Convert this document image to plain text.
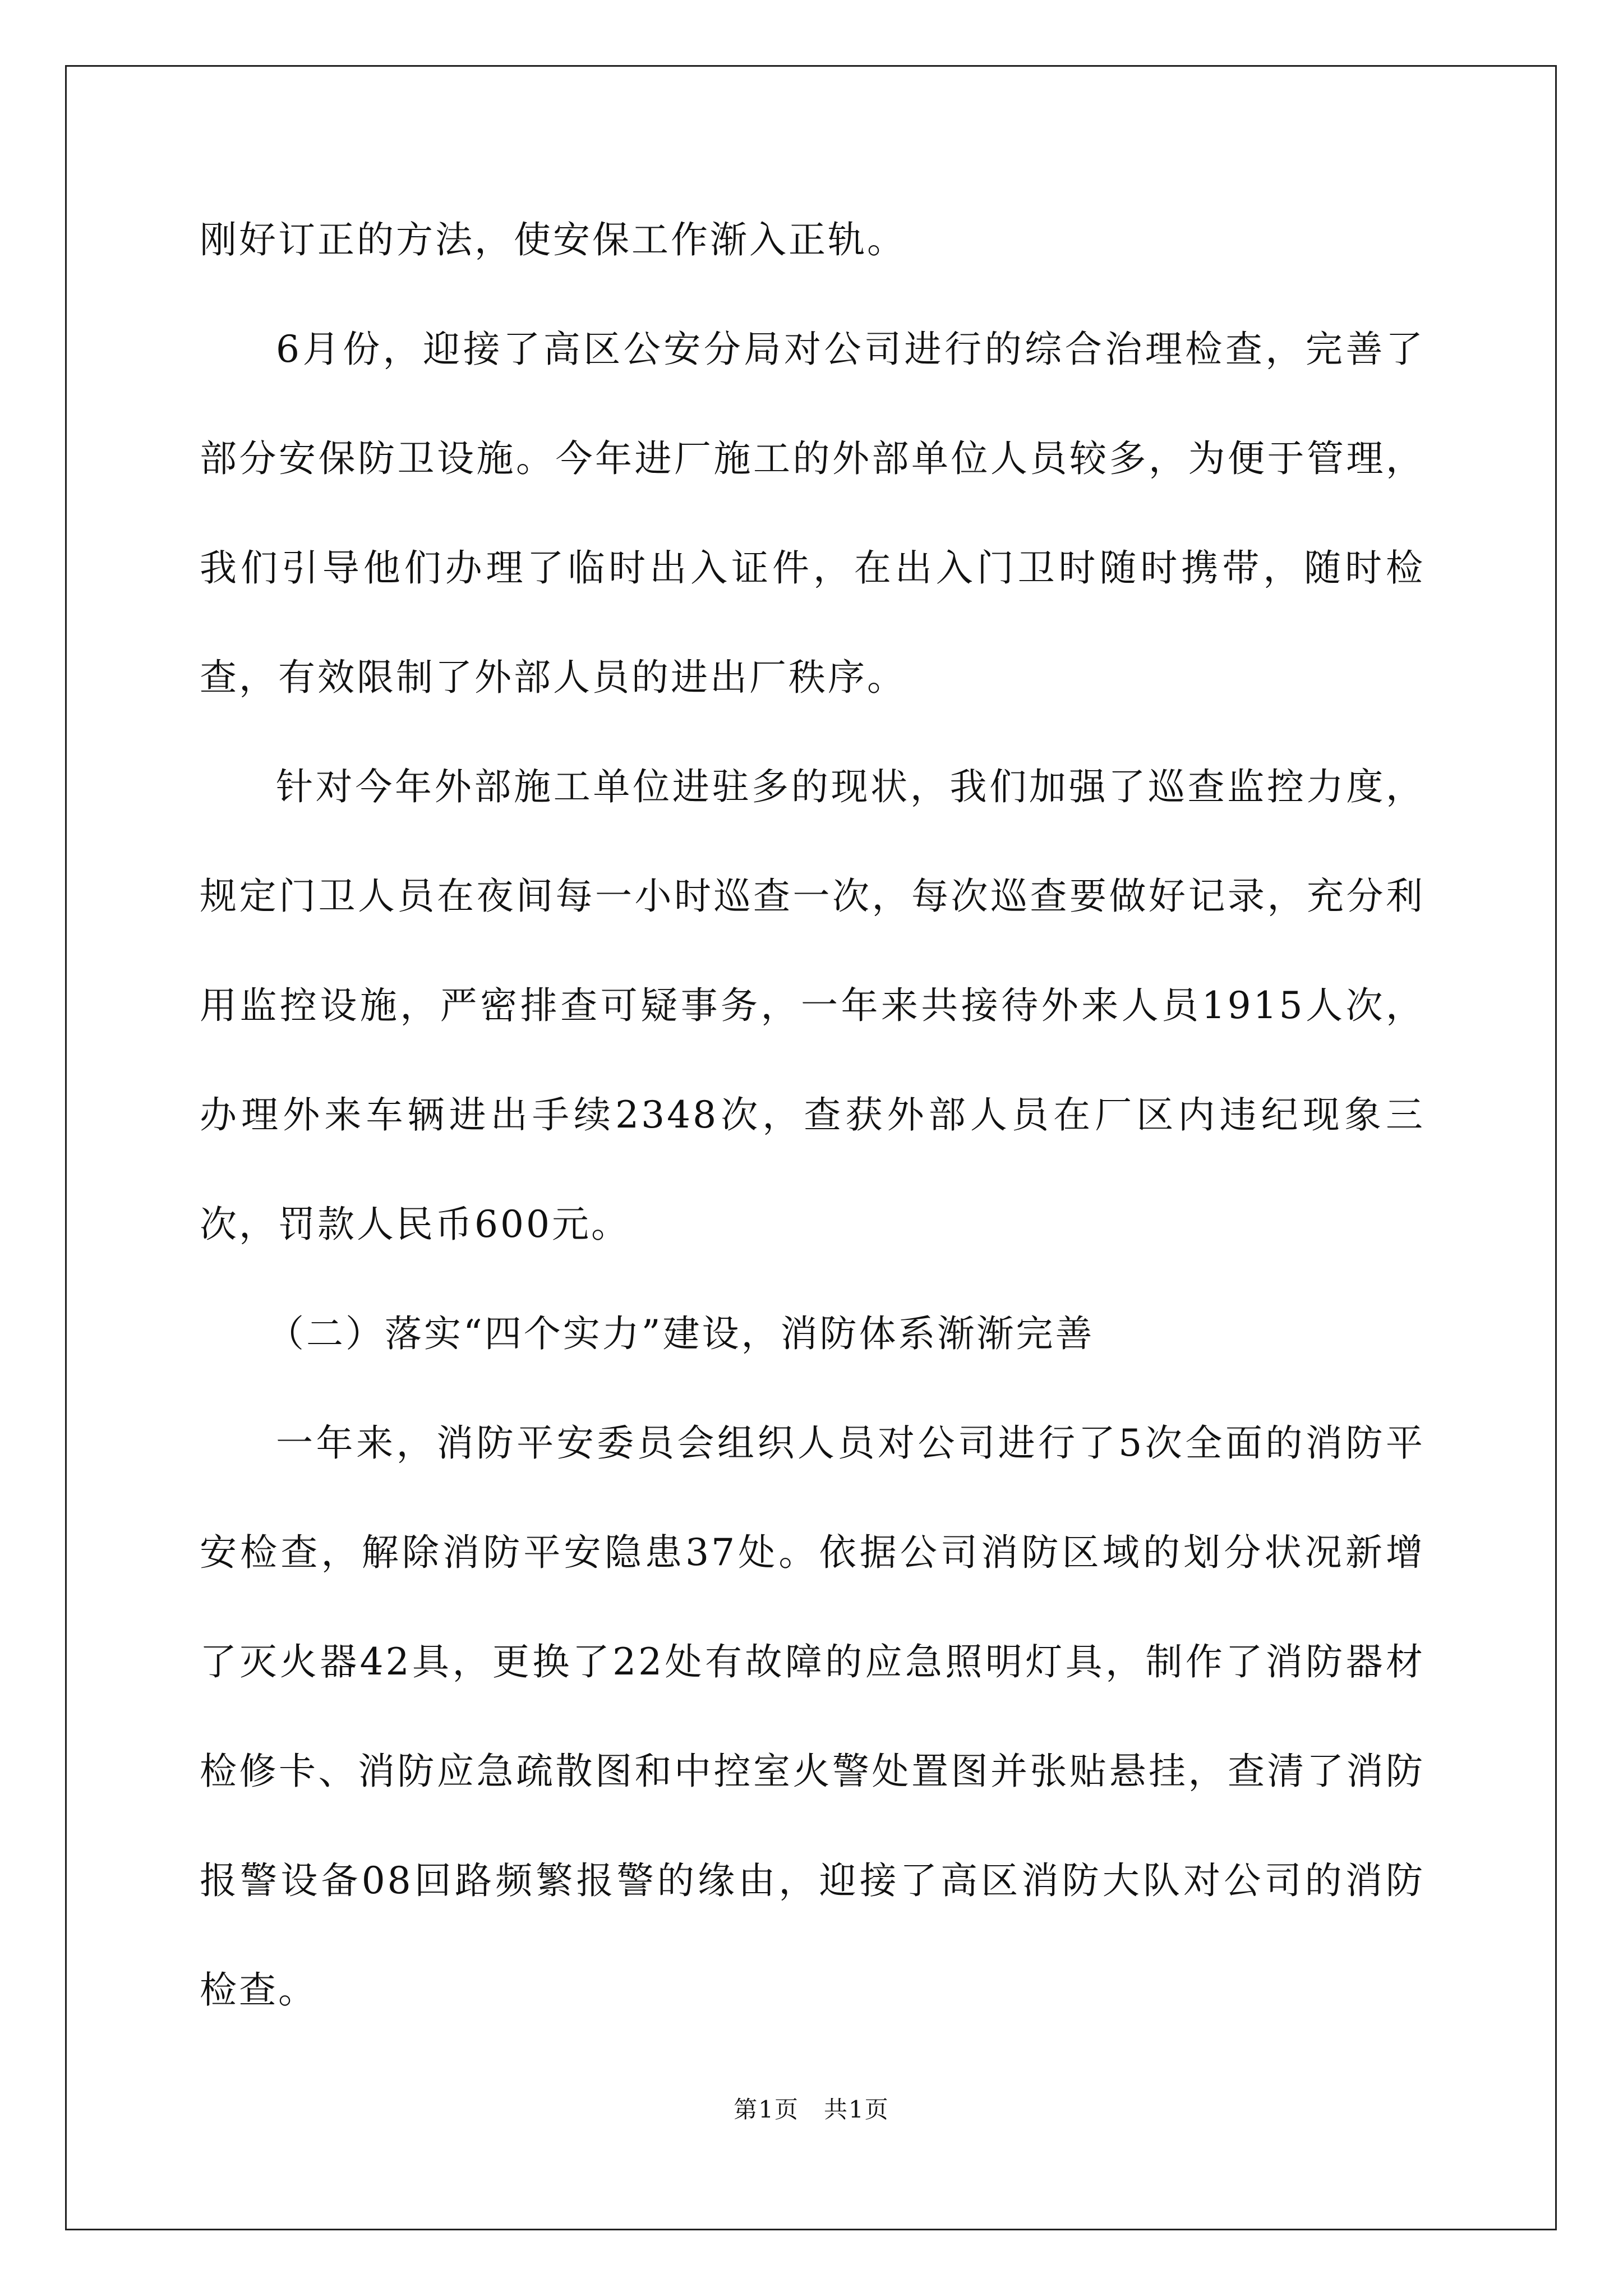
刚好订正的方法，使安保工作渐入正轨。

6月份，迎接了高区公安分局对公司进行的综合治理检查，完善了部分安保防卫设施。今年进厂施工的外部单位人员较多，为便于管理，我们引导他们办理了临时出入证件，在出入门卫时随时携带，随时检查，有效限制了外部人员的进出厂秩序。

针对今年外部施工单位进驻多的现状，我们加强了巡查监控力度，规定门卫人员在夜间每一小时巡查一次，每次巡查要做好记录，充分利用监控设施，严密排查可疑事务，一年来共接待外来人员1915人次，办理外来车辆进出手续2348次，查获外部人员在厂区内违纪现象三次，罚款人民币600元。

（二）落实“四个实力”建设，消防体系渐渐完善

一年来，消防平安委员会组织人员对公司进行了5次全面的消防平安检查，解除消防平安隐患37处。依据公司消防区域的划分状况新增了灭火器42具，更换了22处有故障的应急照明灯具，制作了消防器材检修卡、消防应急疏散图和中控室火警处置图并张贴悬挂，查清了消防报警设备08回路频繁报警的缘由，迎接了高区消防大队对公司的消防检查。

第1页　共1页
